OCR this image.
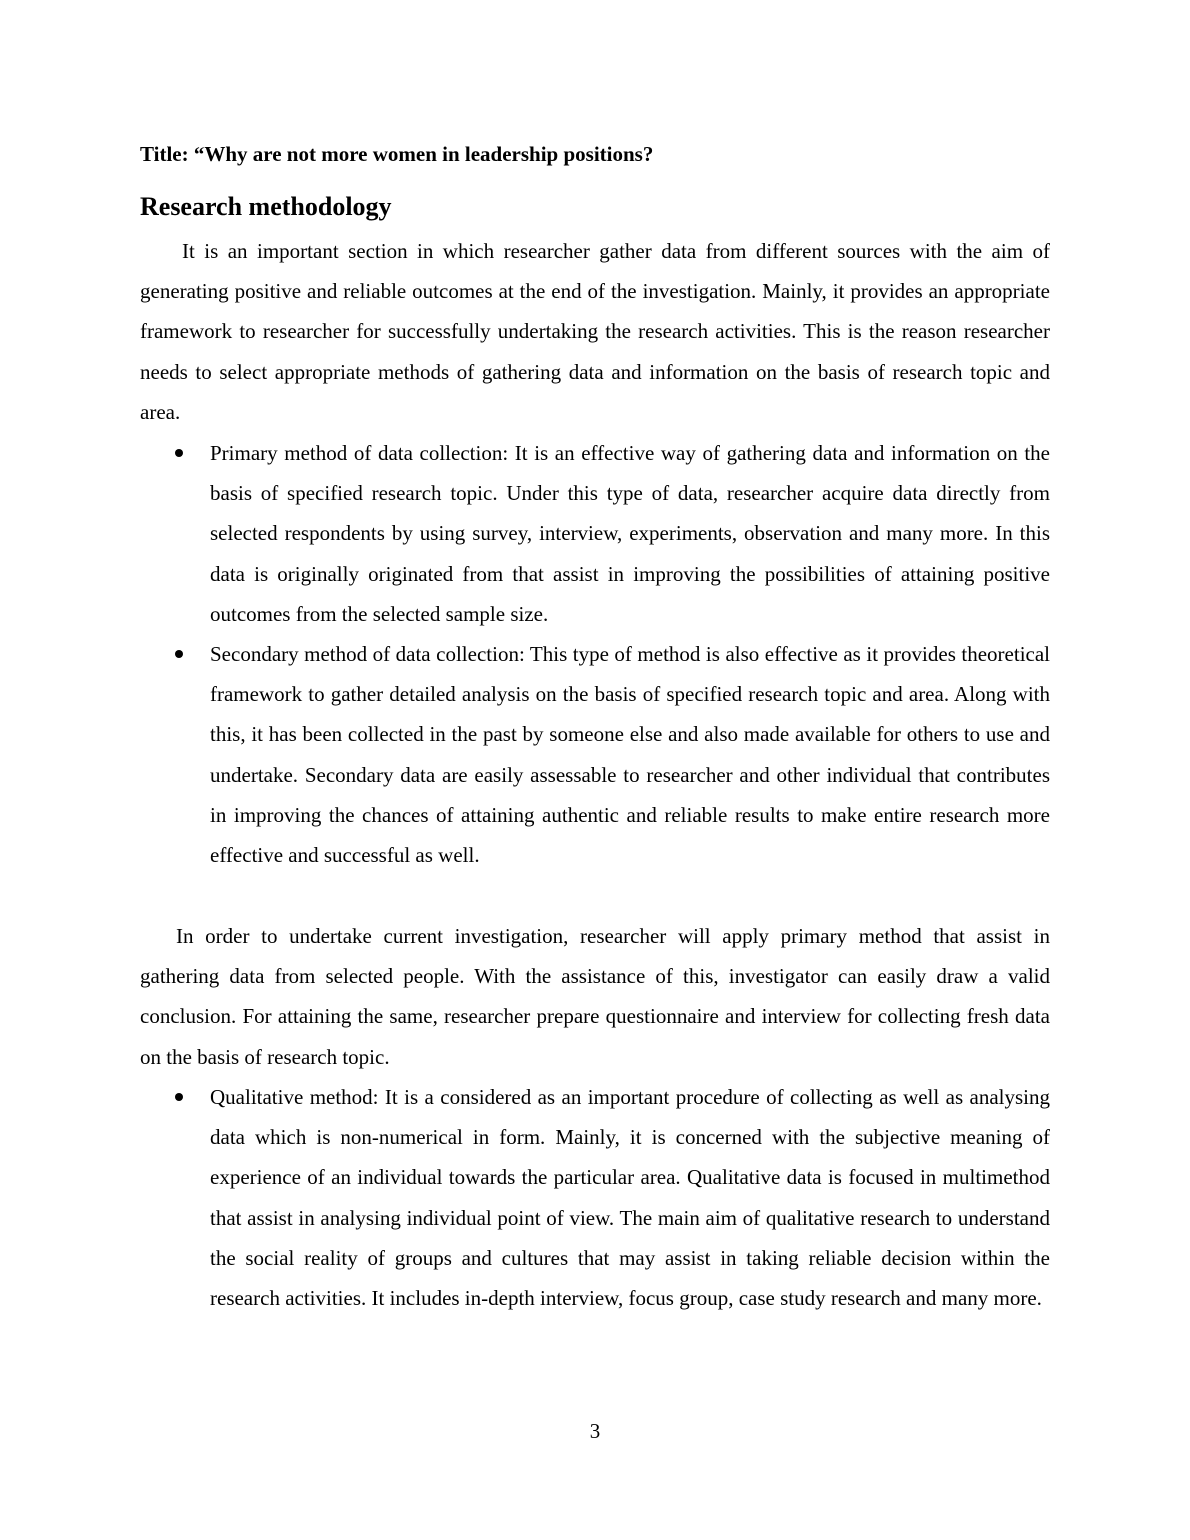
Title: “Why are not more women in leadership positions?
Research methodology

It is an important section in which researcher gather data from different sources with the aim of generating positive and reliable outcomes at the end of the investigation. Mainly, it provides an appropriate framework to researcher for successfully undertaking the research activities. This is the reason researcher needs to select appropriate methods of gathering data and information on the basis of research topic and area.

Primary method of data collection: It is an effective way of gathering data and information on the basis of specified research topic. Under this type of data, researcher acquire data directly from selected respondents by using survey, interview, experiments, observation and many more. In this data is originally originated from that assist in improving the possibilities of attaining positive outcomes from the selected sample size.
Secondary method of data collection: This type of method is also effective as it provides theoretical framework to gather detailed analysis on the basis of specified research topic and area. Along with this, it has been collected in the past by someone else and also made available for others to use and undertake. Secondary data are easily assessable to researcher and other individual that contributes in improving the chances of attaining authentic and reliable results to make entire research more effective and successful as well.

In order to undertake current investigation, researcher will apply primary method that assist in gathering data from selected people. With the assistance of this, investigator can easily draw a valid conclusion. For attaining the same, researcher prepare questionnaire and interview for collecting fresh data on the basis of research topic.

Qualitative method: It is a considered as an important procedure of collecting as well as analysing data which is non-numerical in form. Mainly, it is concerned with the subjective meaning of experience of an individual towards the particular area. Qualitative data is focused in multimethod that assist in analysing individual point of view. The main aim of qualitative research to understand the social reality of groups and cultures that may assist in taking reliable decision within the research activities. It includes in-depth interview, focus group, case study research and many more.
3
